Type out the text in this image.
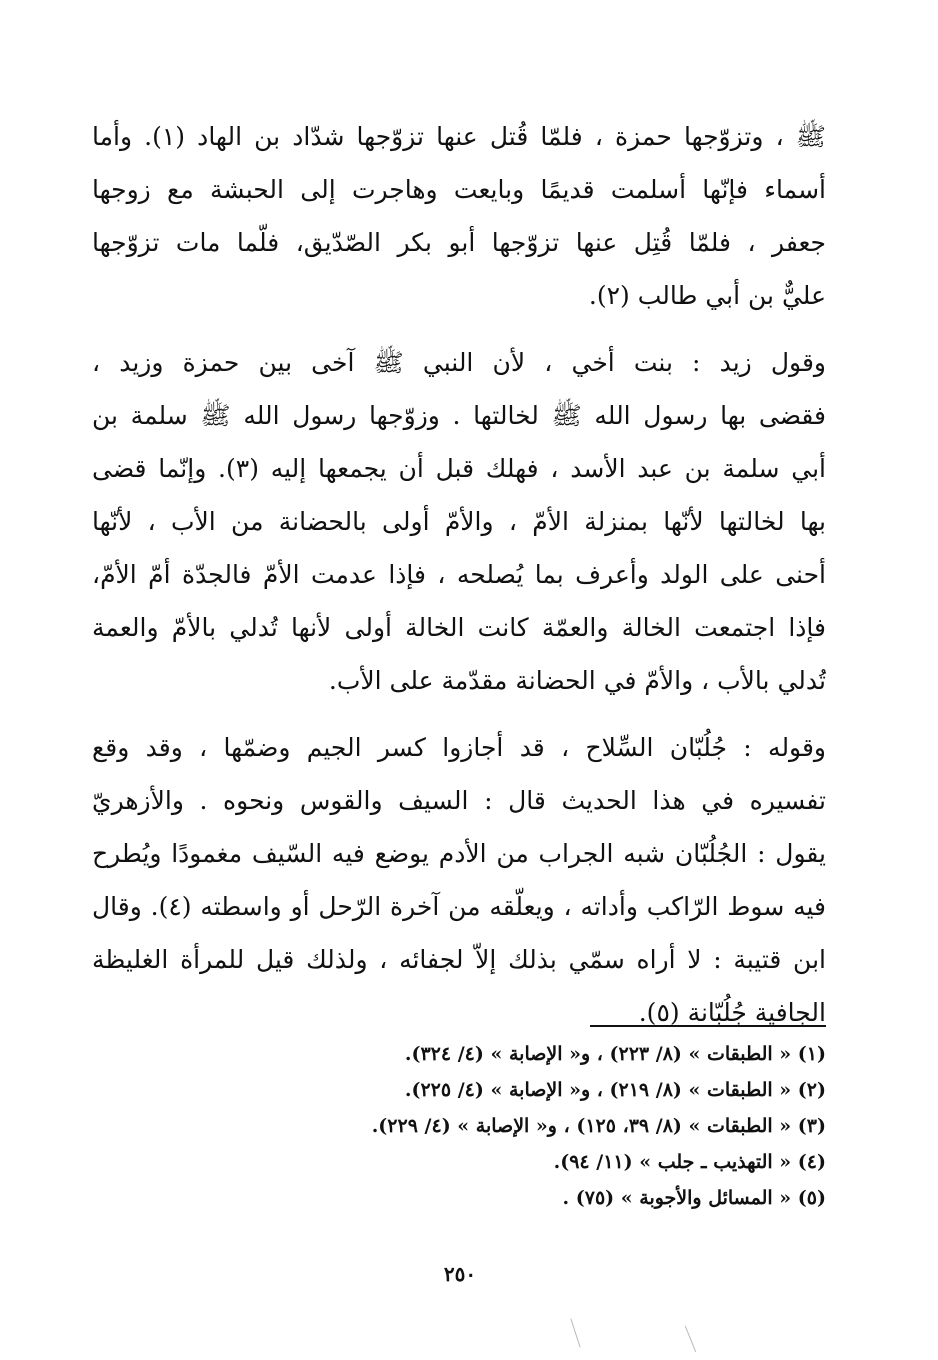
ﷺ ، وتزوّجها حمزة ، فلمّا قُتل عنها تزوّجها شدّاد بن الهاد (١). وأما
أسماء فإنّها أسلمت قديمًا وبايعت وهاجرت إلى الحبشة مع زوجها
جعفر ، فلمّا قُتِل عنها تزوّجها أبو بكر الصّدّيق، فلّما مات تزوّجها
عليٌّ بن أبي طالب (٢).
وقول زيد : بنت أخي ، لأن النبي ﷺ آخى بين حمزة وزيد ،
فقضى بها رسول الله ﷺ لخالتها . وزوّجها رسول الله ﷺ سلمة بن
أبي سلمة بن عبد الأسد ، فهلك قبل أن يجمعها إليه (٣). وإنّما قضى
بها لخالتها لأنّها بمنزلة الأمّ ، والأمّ أولى بالحضانة من الأب ، لأنّها
أحنى على الولد وأعرف بما يُصلحه ، فإذا عدمت الأمّ فالجدّة أمّ الأمّ،
فإذا اجتمعت الخالة والعمّة كانت الخالة أولى لأنها تُدلي بالأمّ والعمة
تُدلي بالأب ، والأمّ في الحضانة مقدّمة على الأب.
وقوله : جُلُبّان السِّلاح ، قد أجازوا كسر الجيم وضمّها ، وقد وقع
تفسيره في هذا الحديث قال : السيف والقوس ونحوه . والأزهريّ
يقول : الجُلُبّان شبه الجراب من الأدم يوضع فيه السّيف مغمودًا ويُطرح
فيه سوط الرّاكب وأداته ، ويعلّقه من آخرة الرّحل أو واسطته (٤). وقال
ابن قتيبة : لا أراه سمّي بذلك إلاّ لجفائه ، ولذلك قيل للمرأة الغليظة
الجافية جُلُبّانة (٥).
(١) « الطبقات » (٨/ ٢٢٣) ، و« الإصابة » (٤/ ٣٢٤).
(٢) « الطبقات » (٨/ ٢١٩) ، و« الإصابة » (٤/ ٢٢٥).
(٣) « الطبقات » (٨/ ٣٩، ١٢٥) ، و« الإصابة » (٤/ ٢٢٩).
(٤) « التهذيب ـ جلب » (١١/ ٩٤).
(٥) « المسائل والأجوبة » (٧٥) .
٢٥٠
